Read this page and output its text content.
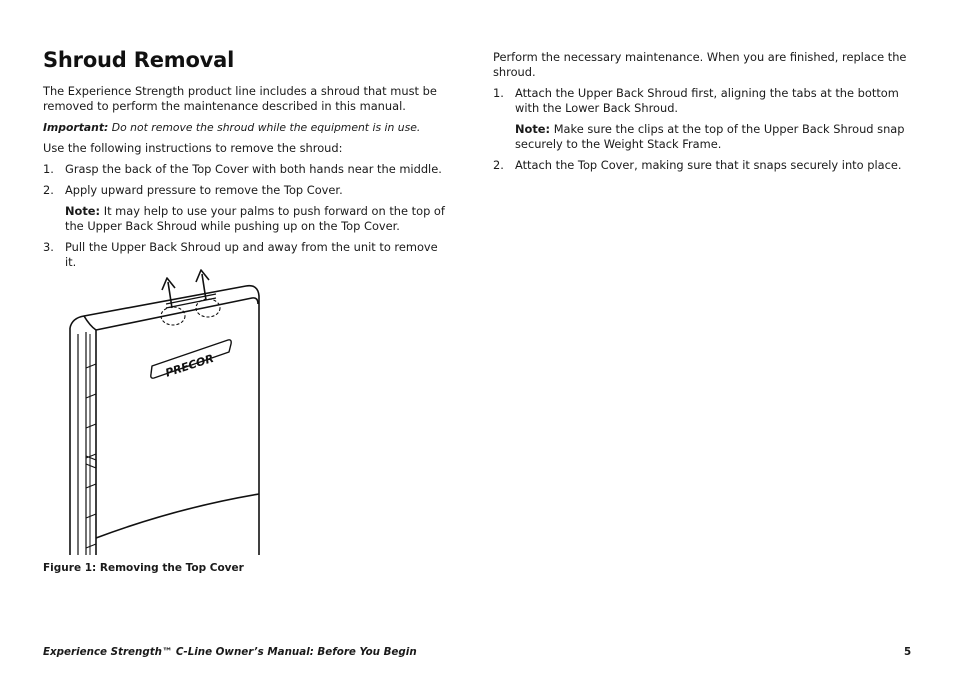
Shroud Removal

The Experience Strength product line includes a shroud that must be removed to perform the maintenance described in this manual.

Important: Do not remove the shroud while the equipment is in use.

Use the following instructions to remove the shroud:

1. Grasp the back of the Top Cover with both hands near the middle.
2. Apply upward pressure to remove the Top Cover.

Note: It may help to use your palms to push forward on the top of the Upper Back Shroud while pushing up on the Top Cover.

3. Pull the Upper Back Shroud up and away from the unit to remove it.
PRECOR
Figure 1: Removing the Top Cover

Perform the necessary maintenance. When you are finished, replace the shroud.

1. Attach the Upper Back Shroud first, aligning the tabs at the bottom with the Lower Back Shroud.

Note: Make sure the clips at the top of the Upper Back Shroud snap securely to the Weight Stack Frame.

2. Attach the Top Cover, making sure that it snaps securely into place.
Experience Strength™ C-Line Owner’s Manual: Before You Begin	5
